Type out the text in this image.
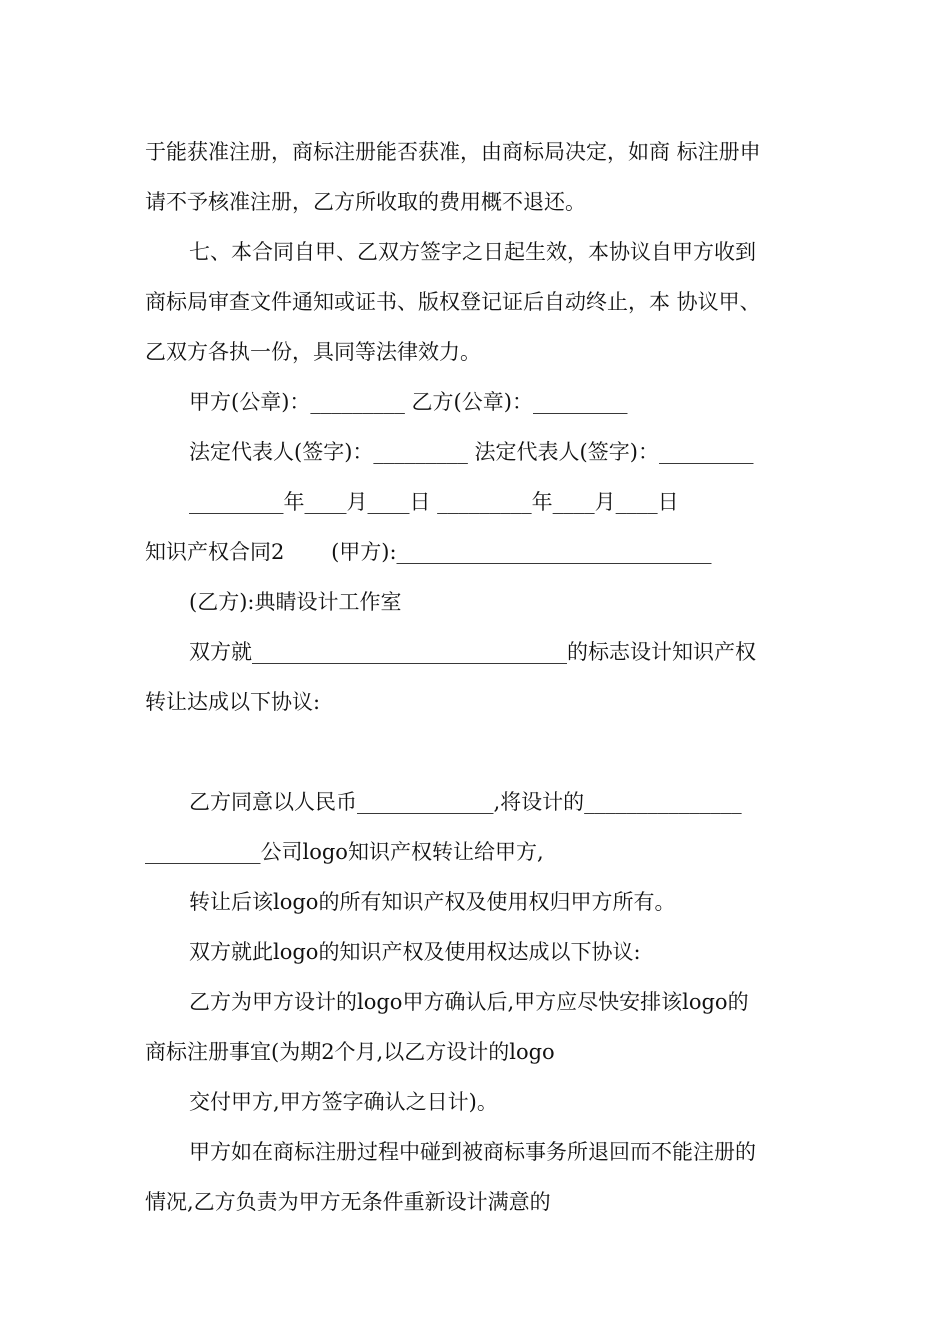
于能获准注册，商标注册能否获准，由商标局决定，如商 标注册申

请不予核准注册，乙方所收取的费用概不退还。

七、本合同自甲、乙双方签字之日起生效，本协议自甲方收到

商标局审查文件通知或证书、版权登记证后自动终止，本 协议甲、

乙双方各执一份，具同等法律效力。

甲方(公章)：_________ 乙方(公章)：_________

法定代表人(签字)：_________ 法定代表人(签字)：_________

_________年____月____日 _________年____月____日

知识产权合同2       (甲方):______________________________

(乙方):典睛设计工作室

双方就______________________________的标志设计知识产权

转让达成以下协议:

乙方同意以人民币_____________,将设计的_______________

___________公司logo知识产权转让给甲方,

转让后该logo的所有知识产权及使用权归甲方所有。

双方就此logo的知识产权及使用权达成以下协议:

乙方为甲方设计的logo甲方确认后,甲方应尽快安排该logo的

商标注册事宜(为期2个月,以乙方设计的logo

交付甲方,甲方签字确认之日计)。

甲方如在商标注册过程中碰到被商标事务所退回而不能注册的

情况,乙方负责为甲方无条件重新设计满意的
